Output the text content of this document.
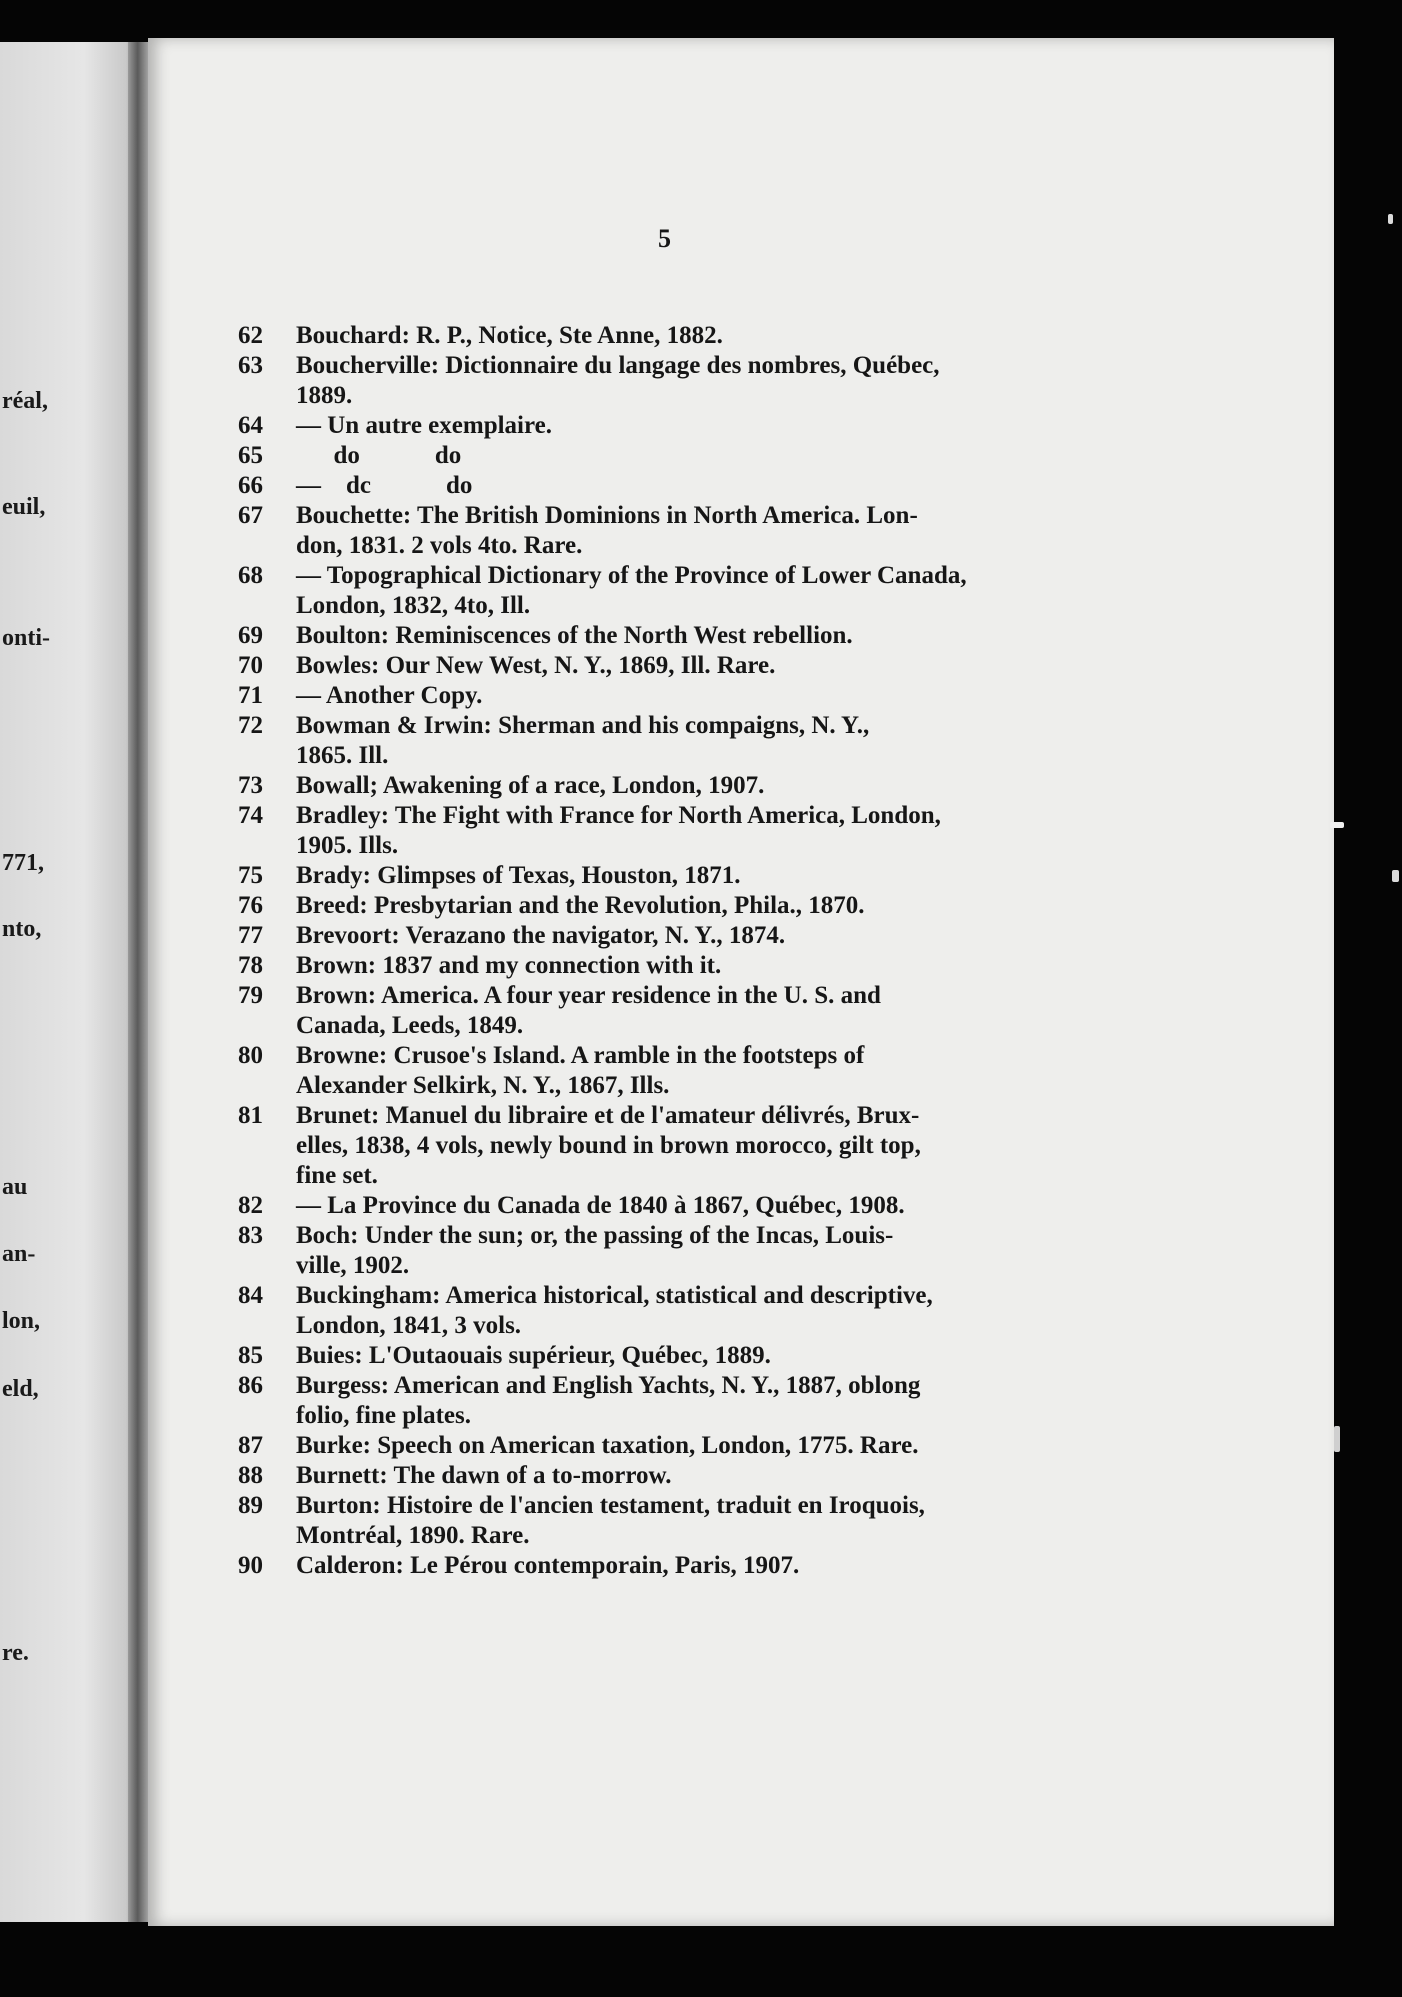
réal,
euil,
onti-
771,
nto,
au
an-
lon,
eld,
re.
5
62	Bouchard: R. P., Notice, Ste Anne, 1882.
63	Boucherville: Dictionnaire du langage des nombres, Québec,
1889.
64	— Un autre exemplaire.
65	do            do
66	—    dc            do
67	Bouchette: The British Dominions in North America. Lon-
don, 1831. 2 vols 4to. Rare.
68	— Topographical Dictionary of the Province of Lower Canada,
London, 1832, 4to, Ill.
69	Boulton: Reminiscences of the North West rebellion.
70	Bowles: Our New West, N. Y., 1869, Ill. Rare.
71	— Another Copy.
72	Bowman & Irwin: Sherman and his compaigns, N. Y.,
1865. Ill.
73	Bowall; Awakening of a race, London, 1907.
74	Bradley: The Fight with France for North America, London,
1905. Ills.
75	Brady: Glimpses of Texas, Houston, 1871.
76	Breed: Presbytarian and the Revolution, Phila., 1870.
77	Brevoort: Verazano the navigator, N. Y., 1874.
78	Brown: 1837 and my connection with it.
79	Brown: America. A four year residence in the U. S. and
Canada, Leeds, 1849.
80	Browne: Crusoe's Island. A ramble in the footsteps of
Alexander Selkirk, N. Y., 1867, Ills.
81	Brunet: Manuel du libraire et de l'amateur délivrés, Brux-
elles, 1838, 4 vols, newly bound in brown morocco, gilt top,
fine set.
82	— La Province du Canada de 1840 à 1867, Québec, 1908.
83	Boch: Under the sun; or, the passing of the Incas, Louis-
ville, 1902.
84	Buckingham: America historical, statistical and descriptive,
London, 1841, 3 vols.
85	Buies: L'Outaouais supérieur, Québec, 1889.
86	Burgess: American and English Yachts, N. Y., 1887, oblong
folio, fine plates.
87	Burke: Speech on American taxation, London, 1775. Rare.
88	Burnett: The dawn of a to-morrow.
89	Burton: Histoire de l'ancien testament, traduit en Iroquois,
Montréal, 1890. Rare.
90	Calderon: Le Pérou contemporain, Paris, 1907.
